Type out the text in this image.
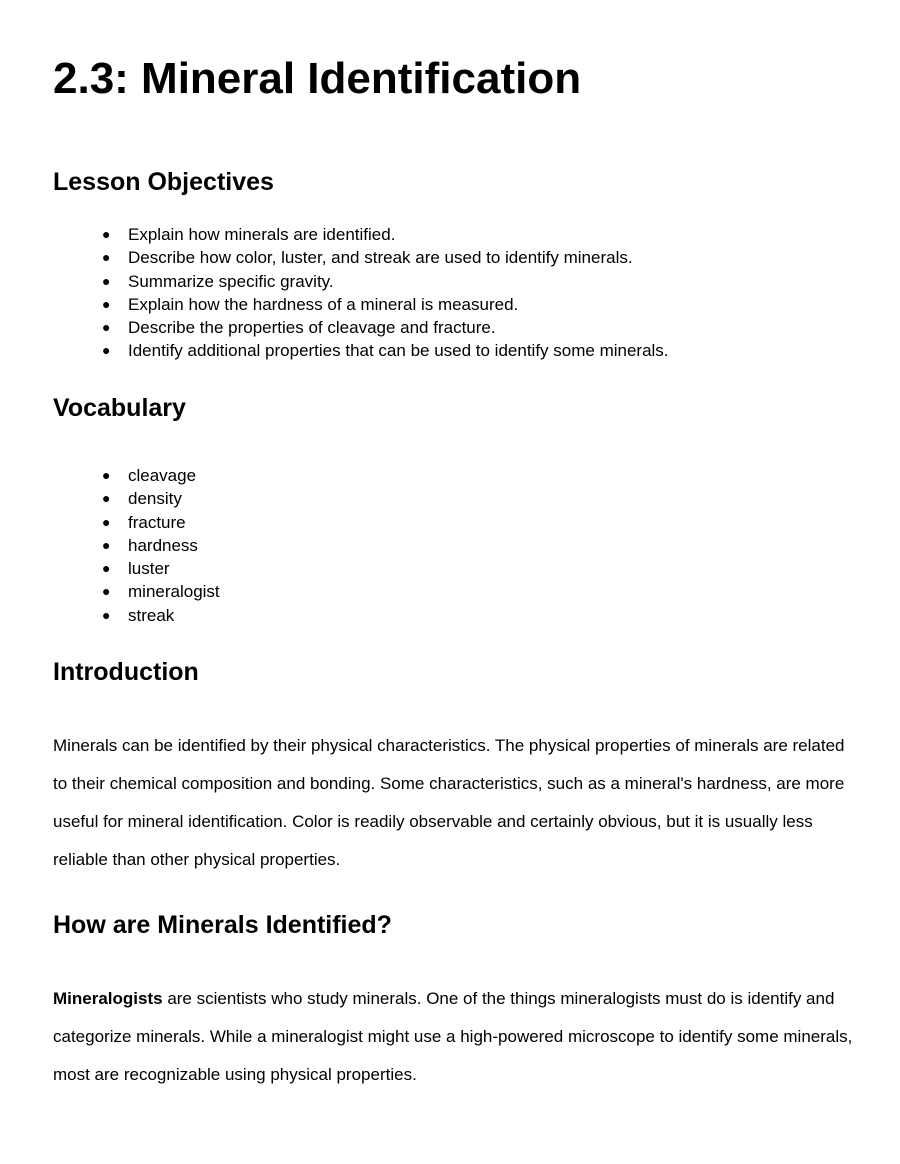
2.3: Mineral Identification
Lesson Objectives
● Explain how minerals are identified.
● Describe how color, luster, and streak are used to identify minerals.
● Summarize specific gravity.
● Explain how the hardness of a mineral is measured.
● Describe the properties of cleavage and fracture.
● Identify additional properties that can be used to identify some minerals.
Vocabulary
● cleavage
● density
● fracture
● hardness
● luster
● mineralogist
● streak
Introduction

Minerals can be identified by their physical characteristics. The physical properties of minerals are related to their chemical composition and bonding. Some characteristics, such as a mineral's hardness, are more useful for mineral identification. Color is readily observable and certainly obvious, but it is usually less reliable than other physical properties.

How are Minerals Identified?

Mineralogists are scientists who study minerals. One of the things mineralogists must do is identify and categorize minerals. While a mineralogist might use a high-powered microscope to identify some minerals, most are recognizable using physical properties.
